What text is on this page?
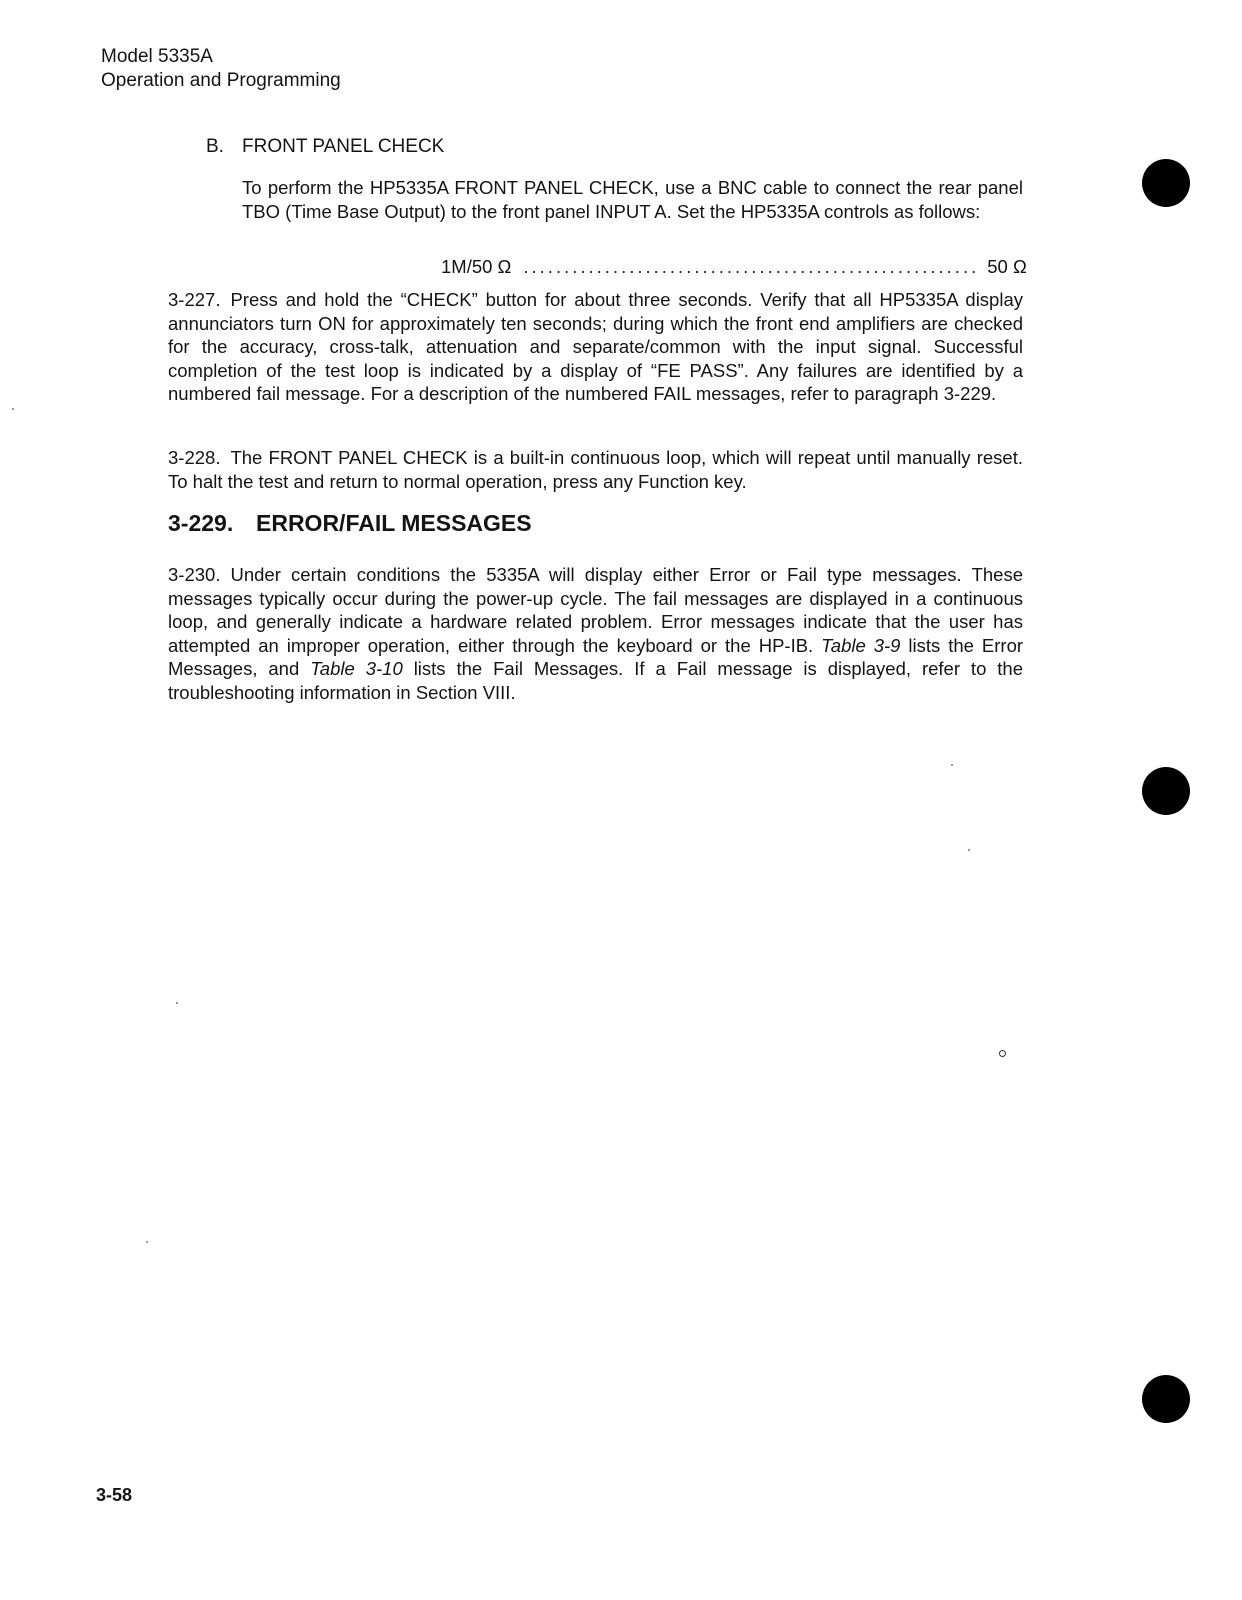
Model 5335A
Operation and Programming
B. FRONT PANEL CHECK

To perform the HP5335A FRONT PANEL CHECK, use a BNC cable to connect the rear panel TBO (Time Base Output) to the front panel INPUT A. Set the HP5335A controls as follows:

1M/50 Ω ........................................................ 50 Ω

3-227. Press and hold the “CHECK” button for about three seconds. Verify that all HP5335A display annunciators turn ON for approximately ten seconds; during which the front end amplifiers are checked for the accuracy, cross-talk, attenuation and separate/common with the input signal. Successful completion of the test loop is indicated by a display of “FE PASS”. Any failures are identified by a numbered fail message. For a description of the numbered FAIL messages, refer to paragraph 3-229.

3-228. The FRONT PANEL CHECK is a built-in continuous loop, which will repeat until manually reset. To halt the test and return to normal operation, press any Function key.

3-229. ERROR/FAIL MESSAGES

3-230. Under certain conditions the 5335A will display either Error or Fail type messages. These messages typically occur during the power-up cycle. The fail messages are displayed in a continuous loop, and generally indicate a hardware related problem. Error messages indicate that the user has attempted an improper operation, either through the keyboard or the HP-IB. Table 3-9 lists the Error Messages, and Table 3-10 lists the Fail Messages. If a Fail message is displayed, refer to the troubleshooting information in Section VIII.

3-58
